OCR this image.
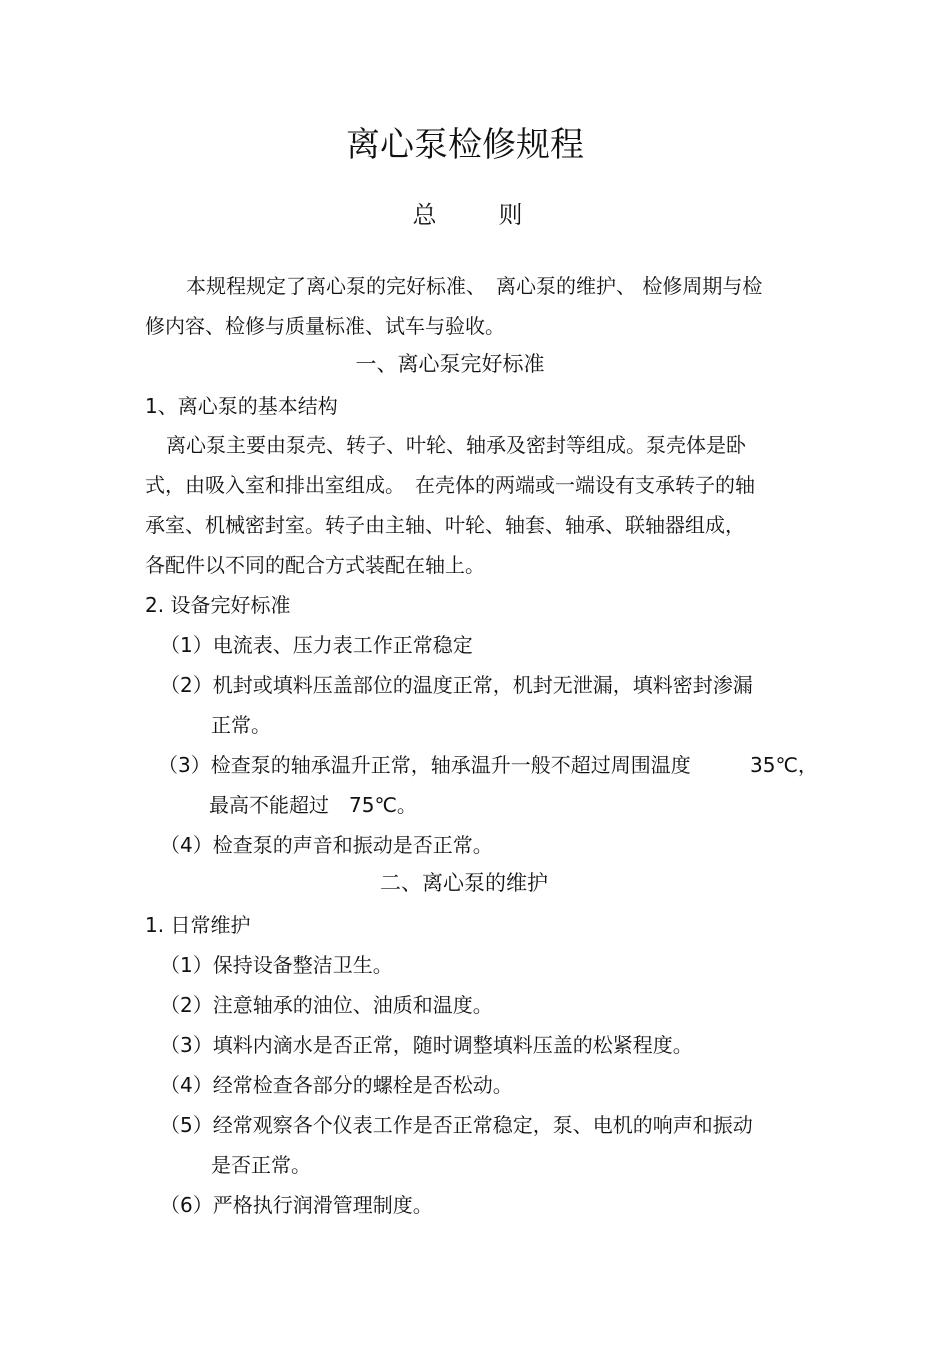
离心泵检修规程
总	则
本规程规定了离心泵的完好标准、　离心泵的维护、 检修周期与检
修内容、检修与质量标准、试车与验收。
一、离心泵完好标准
1、离心泵的基本结构
离心泵主要由泵壳、转子、叶轮、轴承及密封等组成。泵壳体是卧
式，由吸入室和排出室组成。　在壳体的两端或一端设有支承转子的轴
承室、机械密封室。转子由主轴、叶轮、轴套、轴承、联轴器组成，
各配件以不同的配合方式装配在轴上。
2. 设备完好标准
（1）电流表、压力表工作正常稳定
（2）机封或填料压盖部位的温度正常，机封无泄漏，填料密封渗漏
正常。
（3）检查泵的轴承温升正常，轴承温升一般不超过周围温度	35℃，
最高不能超过　75℃。
（4）检查泵的声音和振动是否正常。
二、离心泵的维护
1. 日常维护
（1）保持设备整洁卫生。
（2）注意轴承的油位、油质和温度。
（3）填料内滴水是否正常，随时调整填料压盖的松紧程度。
（4）经常检查各部分的螺栓是否松动。
（5）经常观察各个仪表工作是否正常稳定，泵、电机的响声和振动
是否正常。
（6）严格执行润滑管理制度。
